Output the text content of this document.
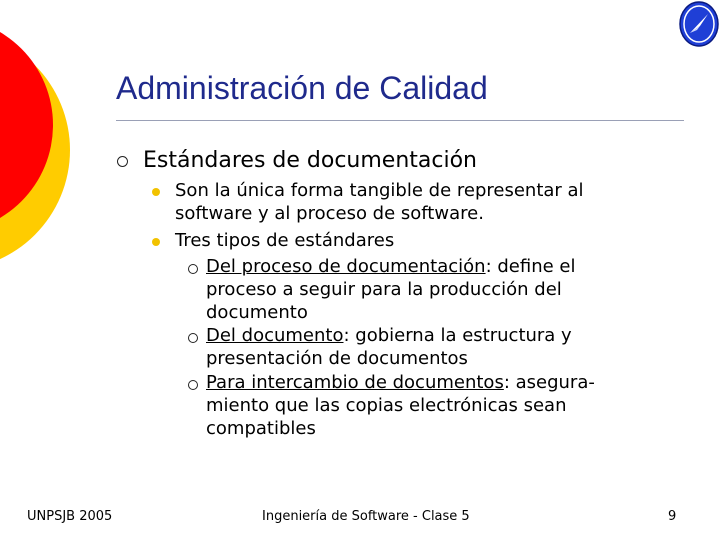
Administración de Calidad
Estándares de documentación
Son la única forma tangible de representar al
software y al proceso de software.
Tres tipos de estándares
Del proceso de documentación: define el
proceso a seguir para la producción del
documento
Del documento: gobierna la estructura y
presentación de documentos
Para intercambio de documentos: asegura-
miento que las copias electrónicas sean
compatibles
UNPSJB 2005	Ingeniería de Software - Clase 5	9
